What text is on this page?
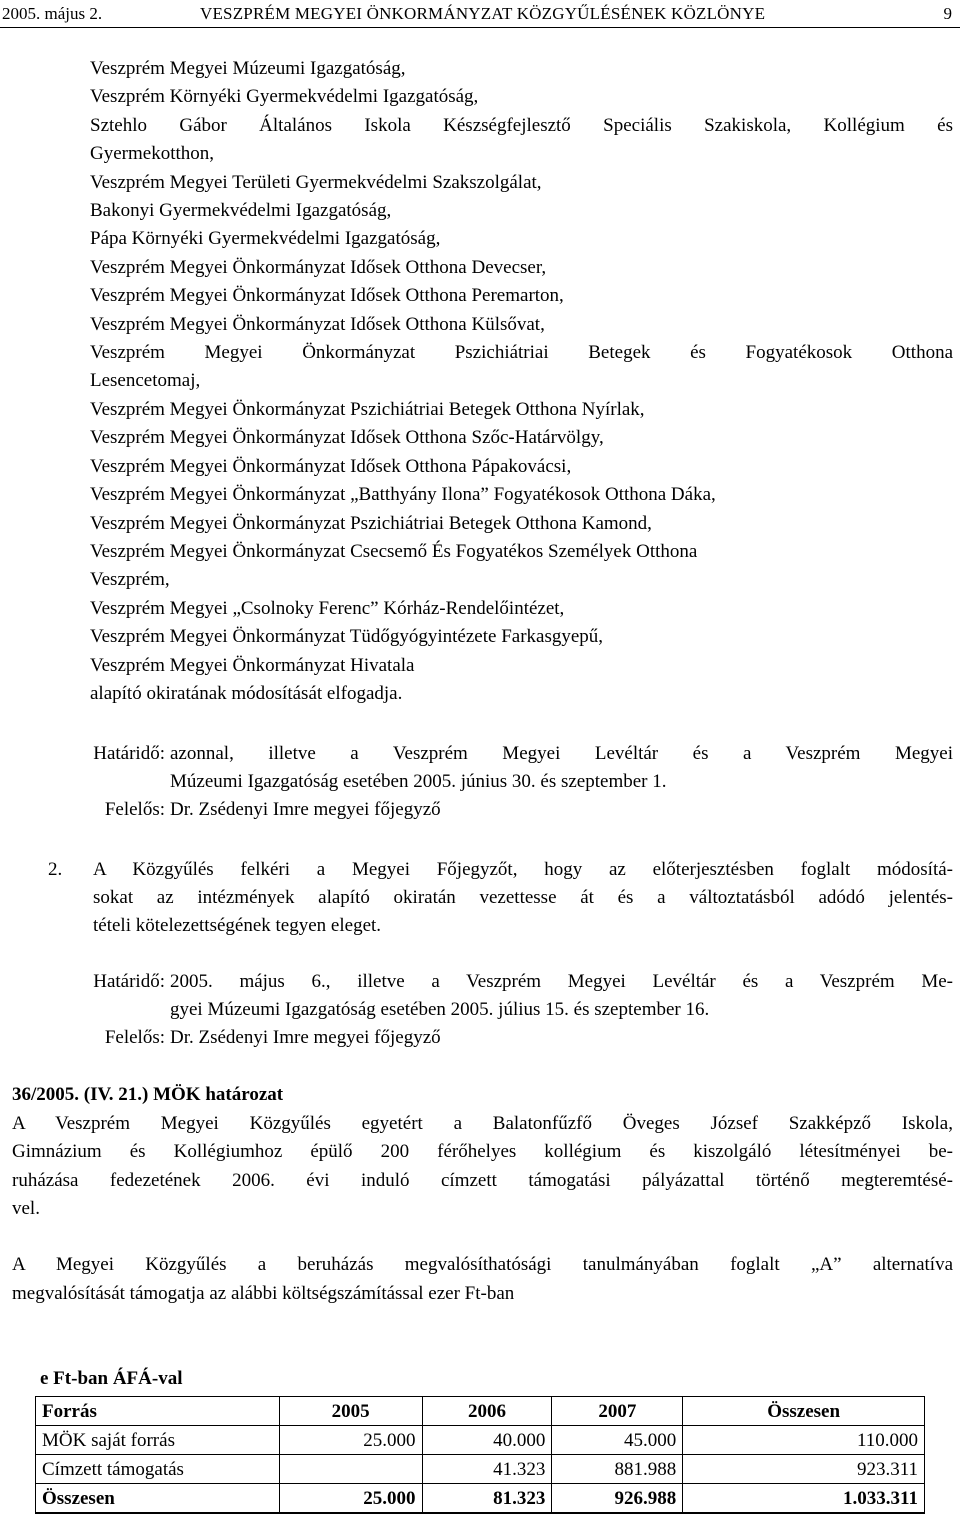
2005. május 2.	VESZPRÉM MEGYEI ÖNKORMÁNYZAT KÖZGYŰLÉSÉNEK KÖZLÖNYE	9
Veszprém Megyei Múzeumi Igazgatóság,
Veszprém Környéki Gyermekvédelmi Igazgatóság,
Sztehlo Gábor Általános Iskola Készségfejlesztő Speciális Szakiskola, Kollégium és
Gyermekotthon,
Veszprém Megyei Területi Gyermekvédelmi Szakszolgálat,
Bakonyi Gyermekvédelmi Igazgatóság,
Pápa Környéki Gyermekvédelmi Igazgatóság,
Veszprém Megyei Önkormányzat Idősek Otthona Devecser,
Veszprém Megyei Önkormányzat Idősek Otthona Peremarton,
Veszprém Megyei Önkormányzat Idősek Otthona Külsővat,
Veszprém Megyei Önkormányzat Pszichiátriai Betegek és Fogyatékosok Otthona
Lesencetomaj,
Veszprém Megyei Önkormányzat Pszichiátriai Betegek Otthona Nyírlak,
Veszprém Megyei Önkormányzat Idősek Otthona Szőc-Határvölgy,
Veszprém Megyei Önkormányzat Idősek Otthona Pápakovácsi,
Veszprém Megyei Önkormányzat „Batthyány Ilona” Fogyatékosok Otthona Dáka,
Veszprém Megyei Önkormányzat Pszichiátriai Betegek Otthona Kamond,
Veszprém Megyei Önkormányzat Csecsemő És Fogyatékos Személyek Otthona
Veszprém,
Veszprém Megyei „Csolnoky Ferenc” Kórház-Rendelőintézet,
Veszprém Megyei Önkormányzat Tüdőgyógyintézete Farkasgyepű,
Veszprém Megyei Önkormányzat Hivatala
alapító okiratának módosítását elfogadja.
Határidő: azonnal, illetve a Veszprém Megyei Levéltár és a Veszprém Megyei
Múzeumi Igazgatóság esetében 2005. június 30. és szeptember 1.
Felelős: Dr. Zsédenyi Imre megyei főjegyző
2. A Közgyűlés felkéri a Megyei Főjegyzőt, hogy az előterjesztésben foglalt módosítá-
sokat az intézmények alapító okiratán vezettesse át és a változtatásból adódó jelentés-
tételi kötelezettségének tegyen eleget.
Határidő: 2005. május 6., illetve a Veszprém Megyei Levéltár és a Veszprém Me-
gyei Múzeumi Igazgatóság esetében 2005. július 15. és szeptember 16.
Felelős: Dr. Zsédenyi Imre megyei főjegyző
36/2005. (IV. 21.) MÖK határozat
A Veszprém Megyei Közgyűlés egyetért a Balatonfűzfő Öveges József Szakképző Iskola,
Gimnázium és Kollégiumhoz épülő 200 férőhelyes kollégium és kiszolgáló létesítményei be-
ruházása fedezetének 2006. évi induló címzett támogatási pályázattal történő megteremtésé-
vel.
A Megyei Közgyűlés a beruházás megvalósíthatósági tanulmányában foglalt „A” alternatíva
megvalósítását támogatja az alábbi költségszámítással ezer Ft-ban
e Ft-ban ÁFÁ-val
Forrás	2005	2006	2007	Összesen
MÖK saját forrás	25.000	40.000	45.000	110.000
Címzett támogatás		41.323	881.988	923.311
Összesen	25.000	81.323	926.988	1.033.311
